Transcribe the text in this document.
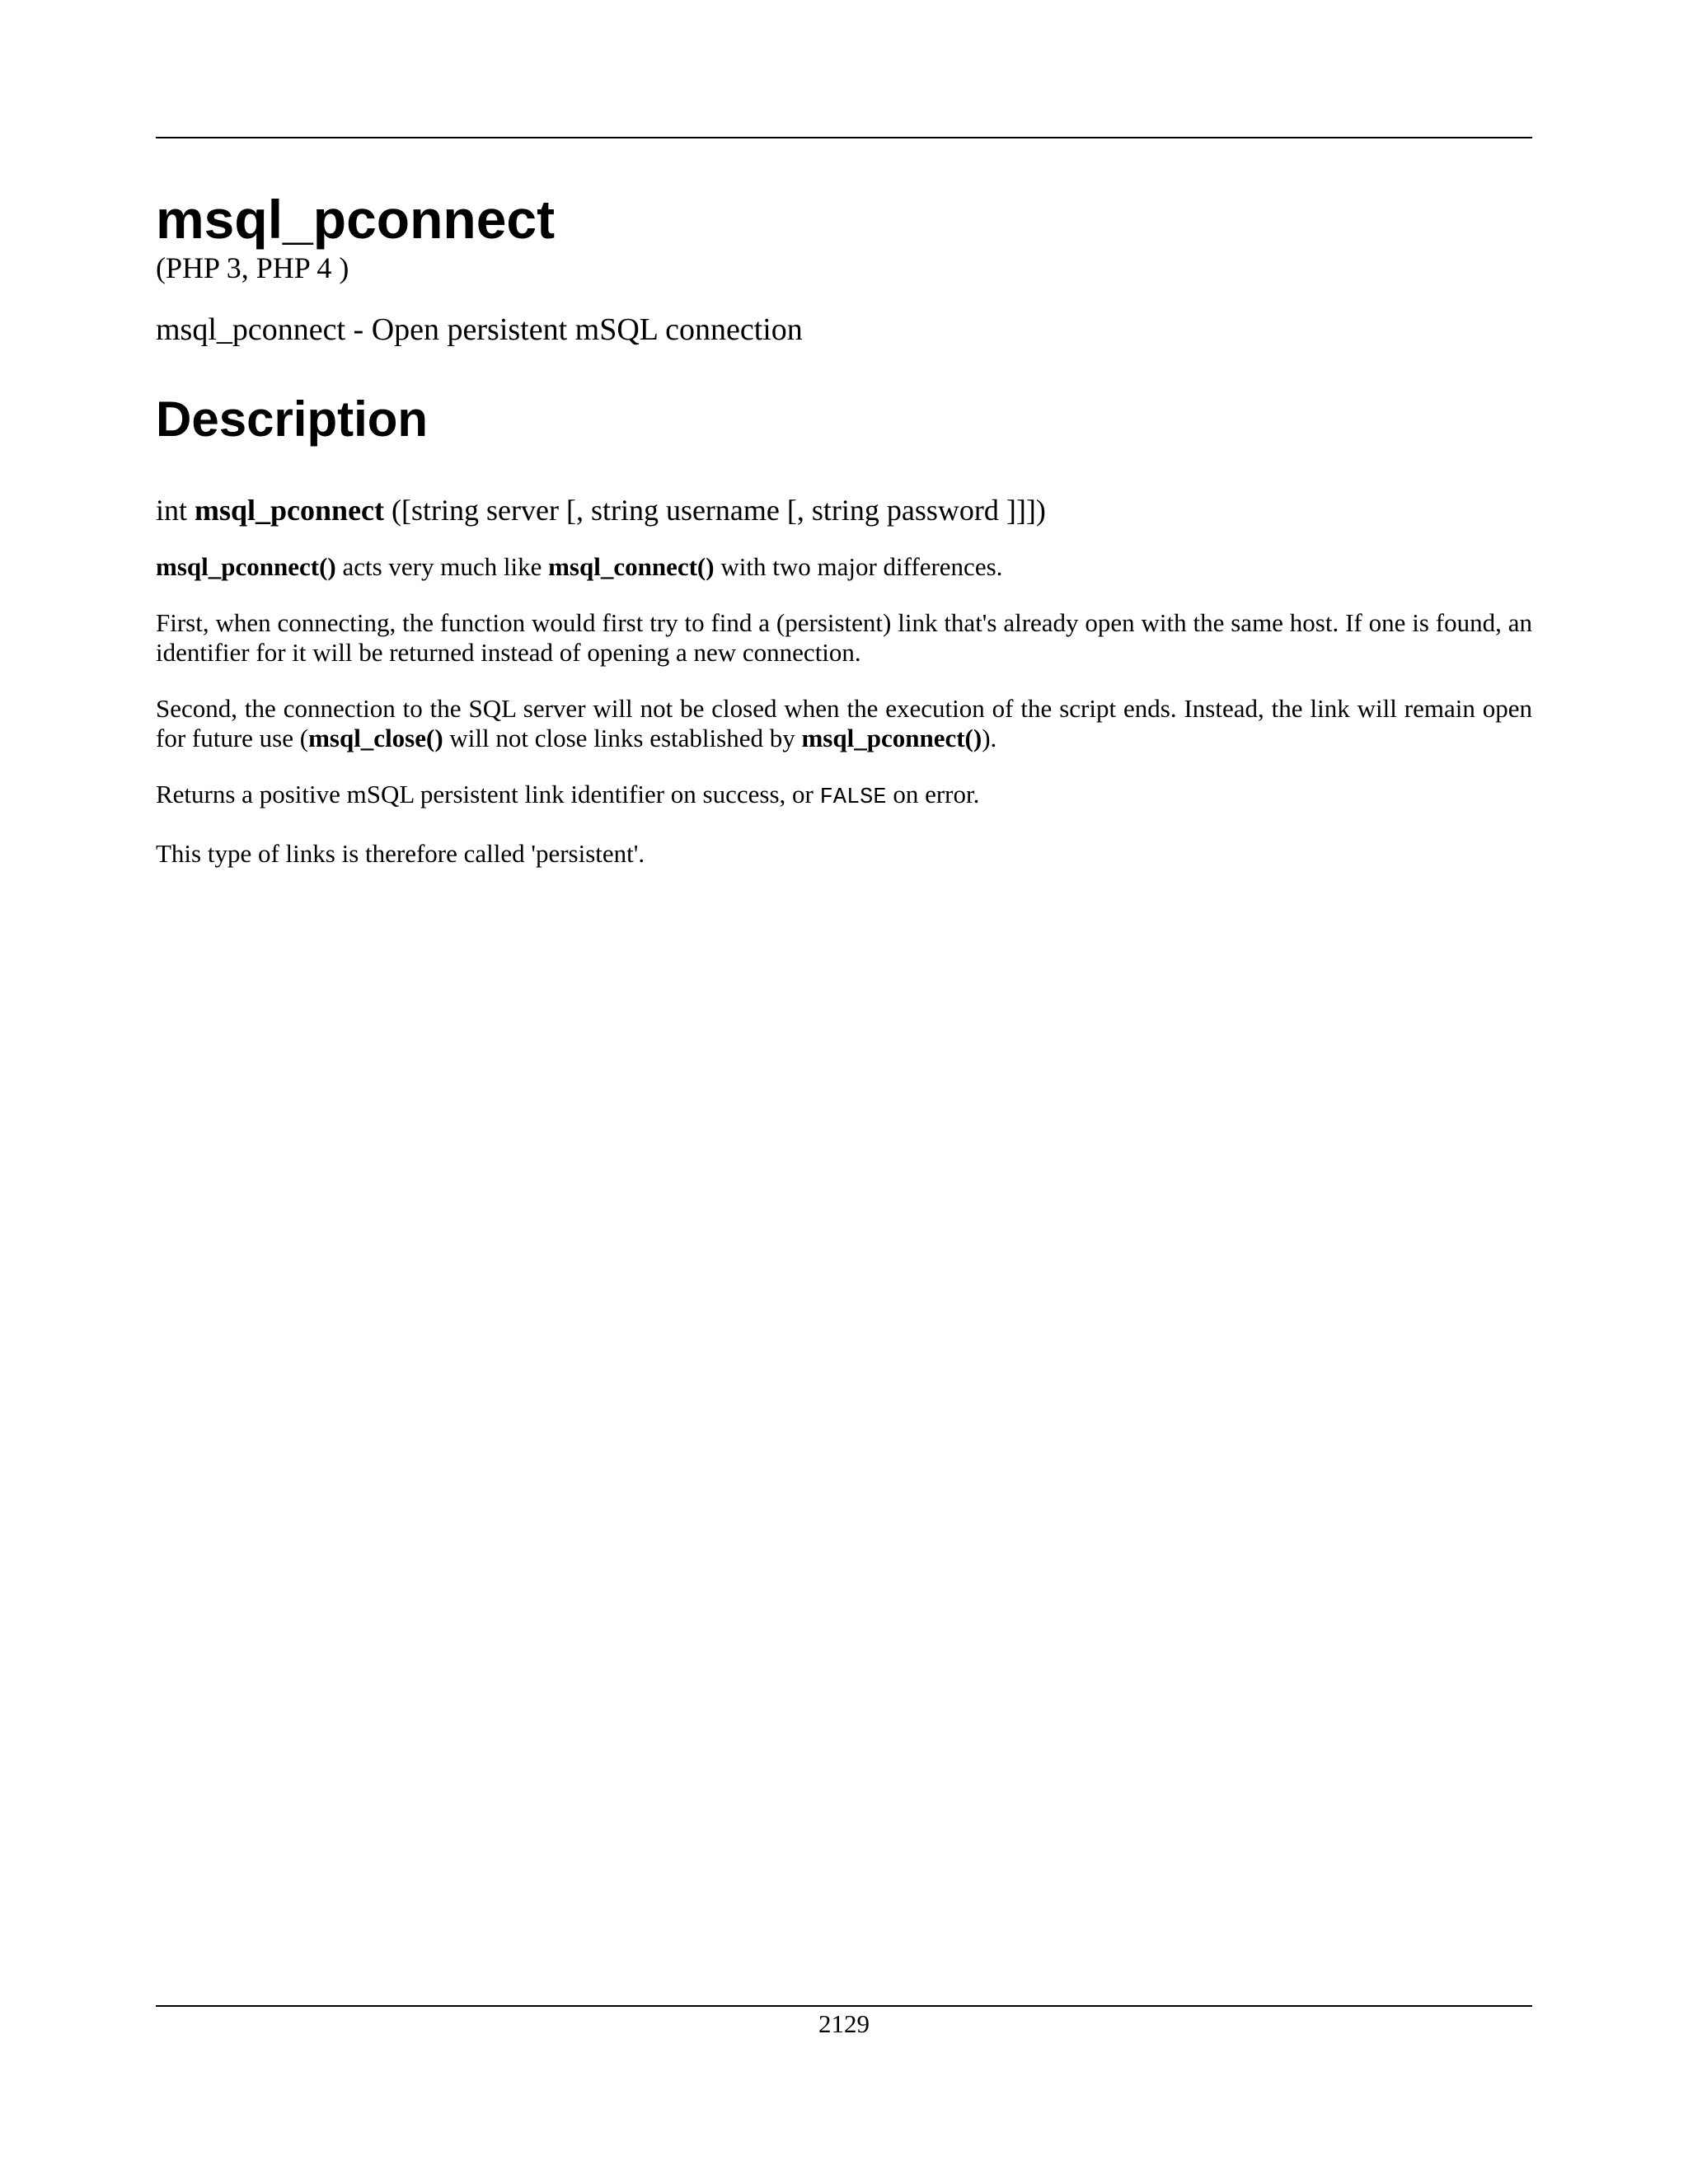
msql_pconnect

(PHP 3, PHP 4 )

msql_pconnect - Open persistent mSQL connection

Description

int msql_pconnect ([string server [, string username [, string password ]]])

msql_pconnect() acts very much like msql_connect() with two major differences.

First, when connecting, the function would first try to find a (persistent) link that's already open with the same host. If one is found, an identifier for it will be returned instead of opening a new connection.

Second, the connection to the SQL server will not be closed when the execution of the script ends. Instead, the link will remain open for future use (msql_close() will not close links established by msql_pconnect()).

Returns a positive mSQL persistent link identifier on success, or FALSE on error.

This type of links is therefore called 'persistent'.

2129
